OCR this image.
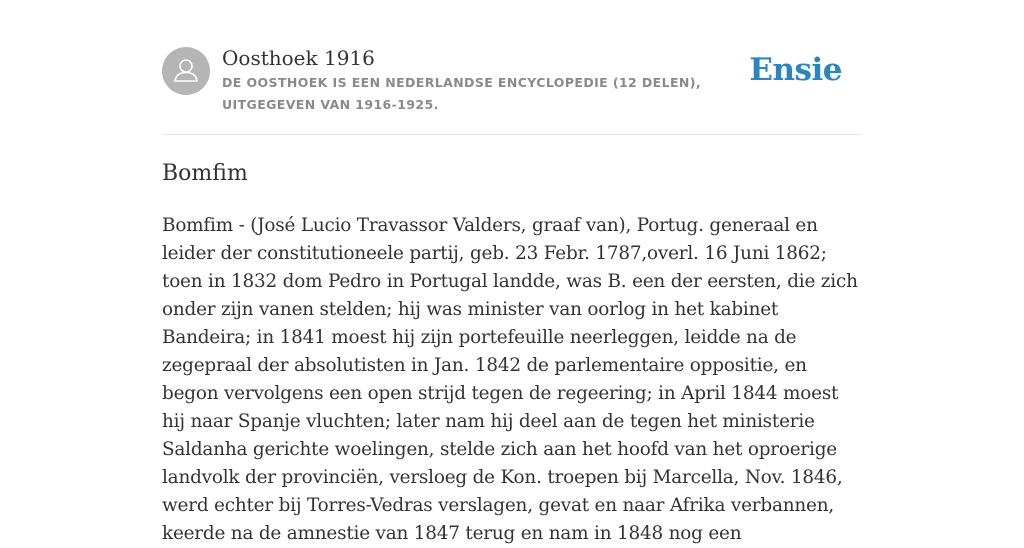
Oosthoek 1916
DE OOSTHOEK IS EEN NEDERLANDSE ENCYCLOPEDIE (12 DELEN), UITGEGEVEN VAN 1916-1925.
Ensie
Bomfim

Bomfim - (José Lucio Travassor Valders, graaf van), Portug. generaal en leider der constitutioneele partij, geb. 23 Febr. 1787,overl. 16 Juni 1862; toen in 1832 dom Pedro in Portugal landde, was B. een der eersten, die zich onder zijn vanen stelden; hij was minister van oorlog in het kabinet Bandeira; in 1841 moest hij zijn portefeuille neerleggen, leidde na de zegepraal der absolutisten in Jan. 1842 de parlementaire oppositie, en begon vervolgens een open strijd tegen de regeering; in April 1844 moest hij naar Spanje vluchten; later nam hij deel aan de tegen het ministerie Saldanha gerichte woelingen, stelde zich aan het hoofd van het oproerige landvolk der provinciën, versloeg de Kon. troepen bij Marcella, Nov. 1846, werd echter bij Torres-Vedras verslagen, gevat en naar Afrika verbannen, keerde na de amnestie van 1847 terug en nam in 1848 nog een
